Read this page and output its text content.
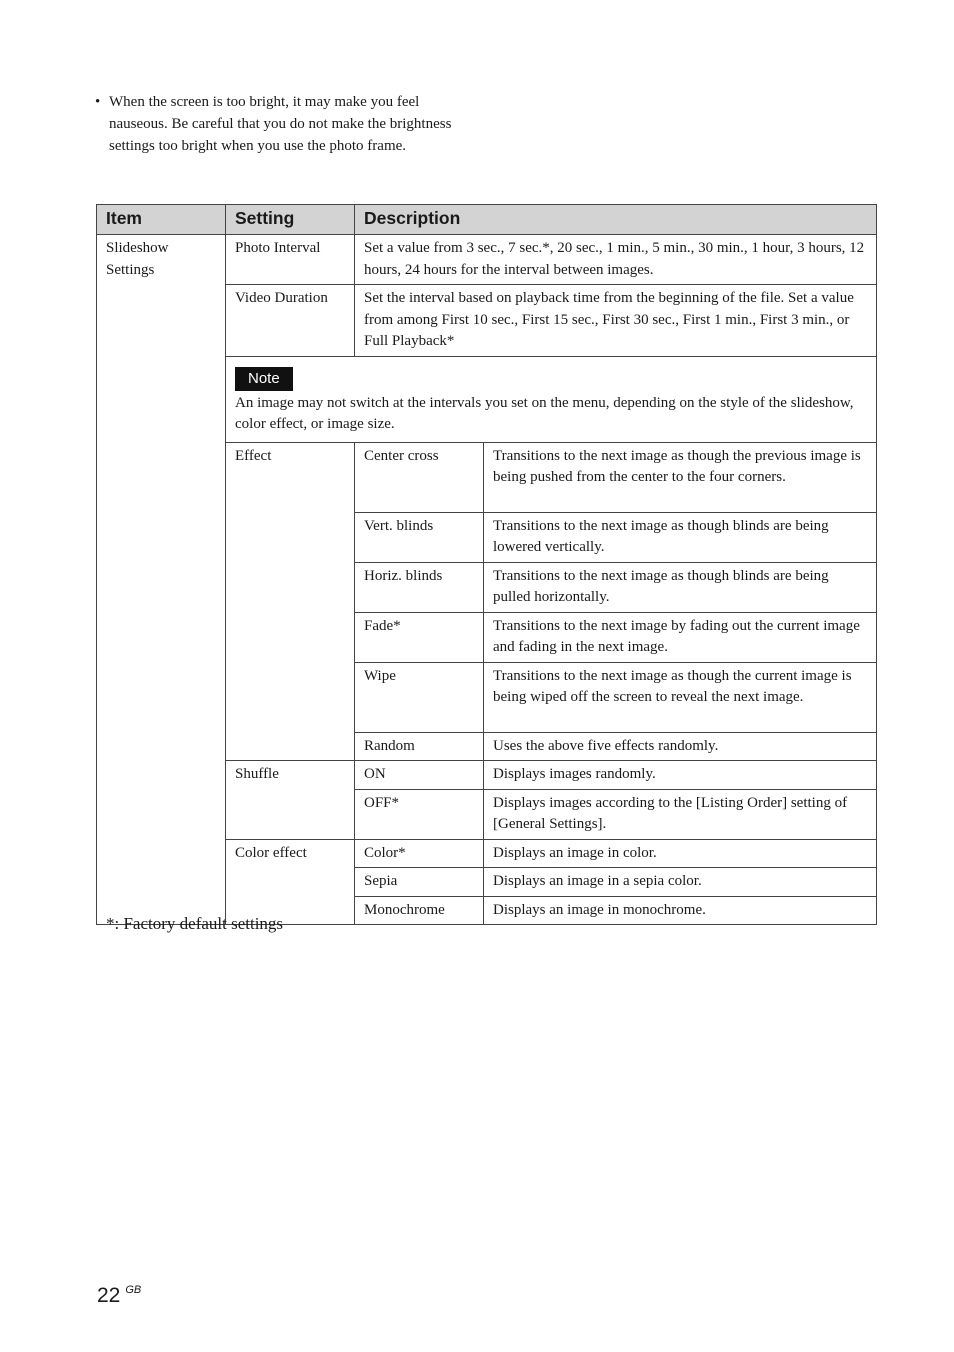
• When the screen is too bright, it may make you feel nauseous. Be careful that you do not make the brightness settings too bright when you use the photo frame.
Item	Setting	Description	
Slideshow Settings	Photo Interval	Set a value from 3 sec., 7 sec.*, 20 sec., 1 min., 5 min., 30 min., 1 hour, 3 hours, 12 hours, 24 hours for the interval between images.	
	Video Duration	Set the interval based on playback time from the beginning of the file. Set a value from among First 10 sec., First 15 sec., First 30 sec., First 1 min., First 3 min., or Full Playback*	
	Note
An image may not switch at the intervals you set on the menu, depending on the style of the slideshow, color effect, or image size.		
	Effect	Center cross	Transitions to the next image as though the previous image is being pushed from the center to the four corners.
		Vert. blinds	Transitions to the next image as though blinds are being lowered vertically.
		Horiz. blinds	Transitions to the next image as though blinds are being pulled horizontally.
		Fade*	Transitions to the next image by fading out the current image and fading in the next image.
		Wipe	Transitions to the next image as though the current image is being wiped off the screen to reveal the next image.
		Random	Uses the above five effects randomly.
	Shuffle	ON	Displays images randomly.
		OFF*	Displays images according to the [Listing Order] setting of [General Settings].
	Color effect	Color*	Displays an image in color.
		Sepia	Displays an image in a sepia color.
		Monochrome	Displays an image in monochrome.
*: Factory default settings
22 $^{GB}$
